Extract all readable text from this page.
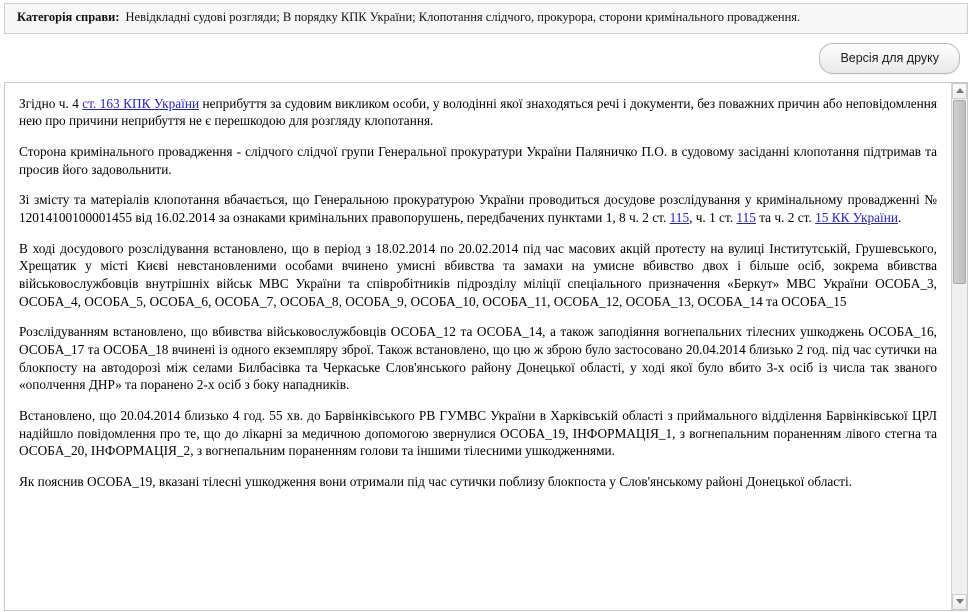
Категорія справи: Невідкладні судові розгляди; В порядку КПК України; Клопотання слідчого, прокурора, сторони кримінального провадження.
Версія для друку

Згідно ч. 4 ст. 163 КПК України неприбуття за судовим викликом особи, у володінні якої знаходяться речі і документи, без поважних причин або неповідомлення нею про причини неприбуття не є перешкодою для розгляду клопотання.

Сторона кримінального провадження - слідчого слідчої групи Генеральної прокуратури України Паляничко П.О. в судовому засіданні клопотання підтримав та просив його задовольнити.

Зі змісту та матеріалів клопотання вбачається, що Генеральною прокуратурою України проводиться досудове розслідування у кримінальному провадженні № 12014100100001455 від 16.02.2014 за ознаками кримінальних правопорушень, передбачених пунктами 1, 8 ч. 2 ст. 115, ч. 1 ст. 115 та ч. 2 ст. 15 КК України.

В ході досудового розслідування встановлено, що в період з 18.02.2014 по 20.02.2014 під час масових акцій протесту на вулиці Інститутській, Грушевського, Хрещатик у місті Києві невстановленими особами вчинено умисні вбивства та замахи на умисне вбивство двох і більше осіб, зокрема вбивства військовослужбовців внутрішніх військ МВС України та співробітників підрозділу міліції спеціального призначення «Беркут» МВС України ОСОБА_3, ОСОБА_4, ОСОБА_5, ОСОБА_6, ОСОБА_7, ОСОБА_8, ОСОБА_9, ОСОБА_10, ОСОБА_11, ОСОБА_12, ОСОБА_13, ОСОБА_14 та ОСОБА_15

Розслідуванням встановлено, що вбивства військовослужбовців ОСОБА_12 та ОСОБА_14, а також заподіяння вогнепальних тілесних ушкоджень ОСОБА_16, ОСОБА_17 та ОСОБА_18 вчинені із одного екземпляру зброї. Також встановлено, що цю ж зброю було застосовано 20.04.2014 близько 2 год. під час сутички на блокпосту на автодорозі між селами Билбасівка та Черкаське Слов'янського району Донецької області, у ході якої було вбито 3-х осіб із числа так званого «ополчення ДНР» та поранено 2-х осіб з боку нападників.

Встановлено, що 20.04.2014 близько 4 год. 55 хв. до Барвінківського РВ ГУМВС України в Харківській області з приймального відділення Барвінківської ЦРЛ надійшло повідомлення про те, що до лікарні за медичною допомогою звернулися ОСОБА_19, ІНФОРМАЦІЯ_1, з вогнепальним пораненням лівого стегна та ОСОБА_20, ІНФОРМАЦІЯ_2, з вогнепальним пораненням голови та іншими тілесними ушкодженнями.

Як пояснив ОСОБА_19, вказані тілесні ушкодження вони отримали під час сутички поблизу блокпоста у Слов'янському районі Донецької області.
